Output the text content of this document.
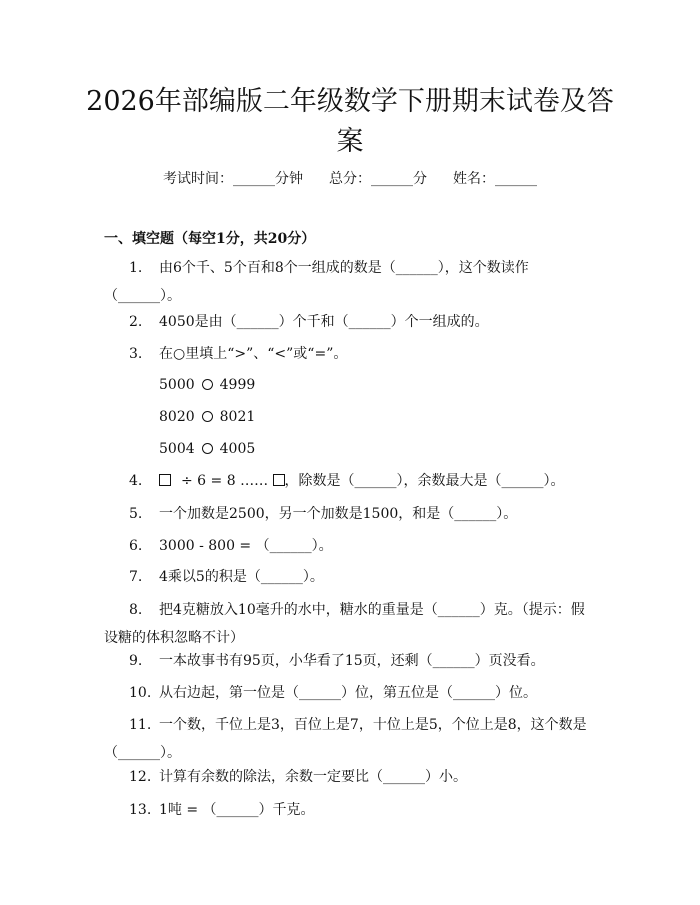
2026年部编版二年级数学下册期末试卷及答
案
考试时间：______分钟 总分：______分 姓名：______
一、填空题（每空1分，共20分）
1.	由6个千、5个百和8个一组成的数是（______），这个数读作
（______）。
2.	4050是由（______）个千和（______）个一组成的。
3.	在○里填上“>”、“<”或“=”。
5000 4999
8020 8021
5004 4005
4.	÷ 6 = 8 …… ，除数是（______），余数最大是（______）。
5.	一个加数是2500，另一个加数是1500，和是（______）。
6.	3000 - 800 = （______）。
7.	4乘以5的积是（______）。
8.	把4克糖放入10毫升的水中，糖水的重量是（______）克。（提示：假
设糖的体积忽略不计）
9.	一本故事书有95页，小华看了15页，还剩（______）页没看。
10. 从右边起，第一位是（______）位，第五位是（______）位。
11. 一个数，千位上是3，百位上是7，十位上是5，个位上是8，这个数是
（______）。
12. 计算有余数的除法，余数一定要比（______）小。
13. 1吨 = （______）千克。
